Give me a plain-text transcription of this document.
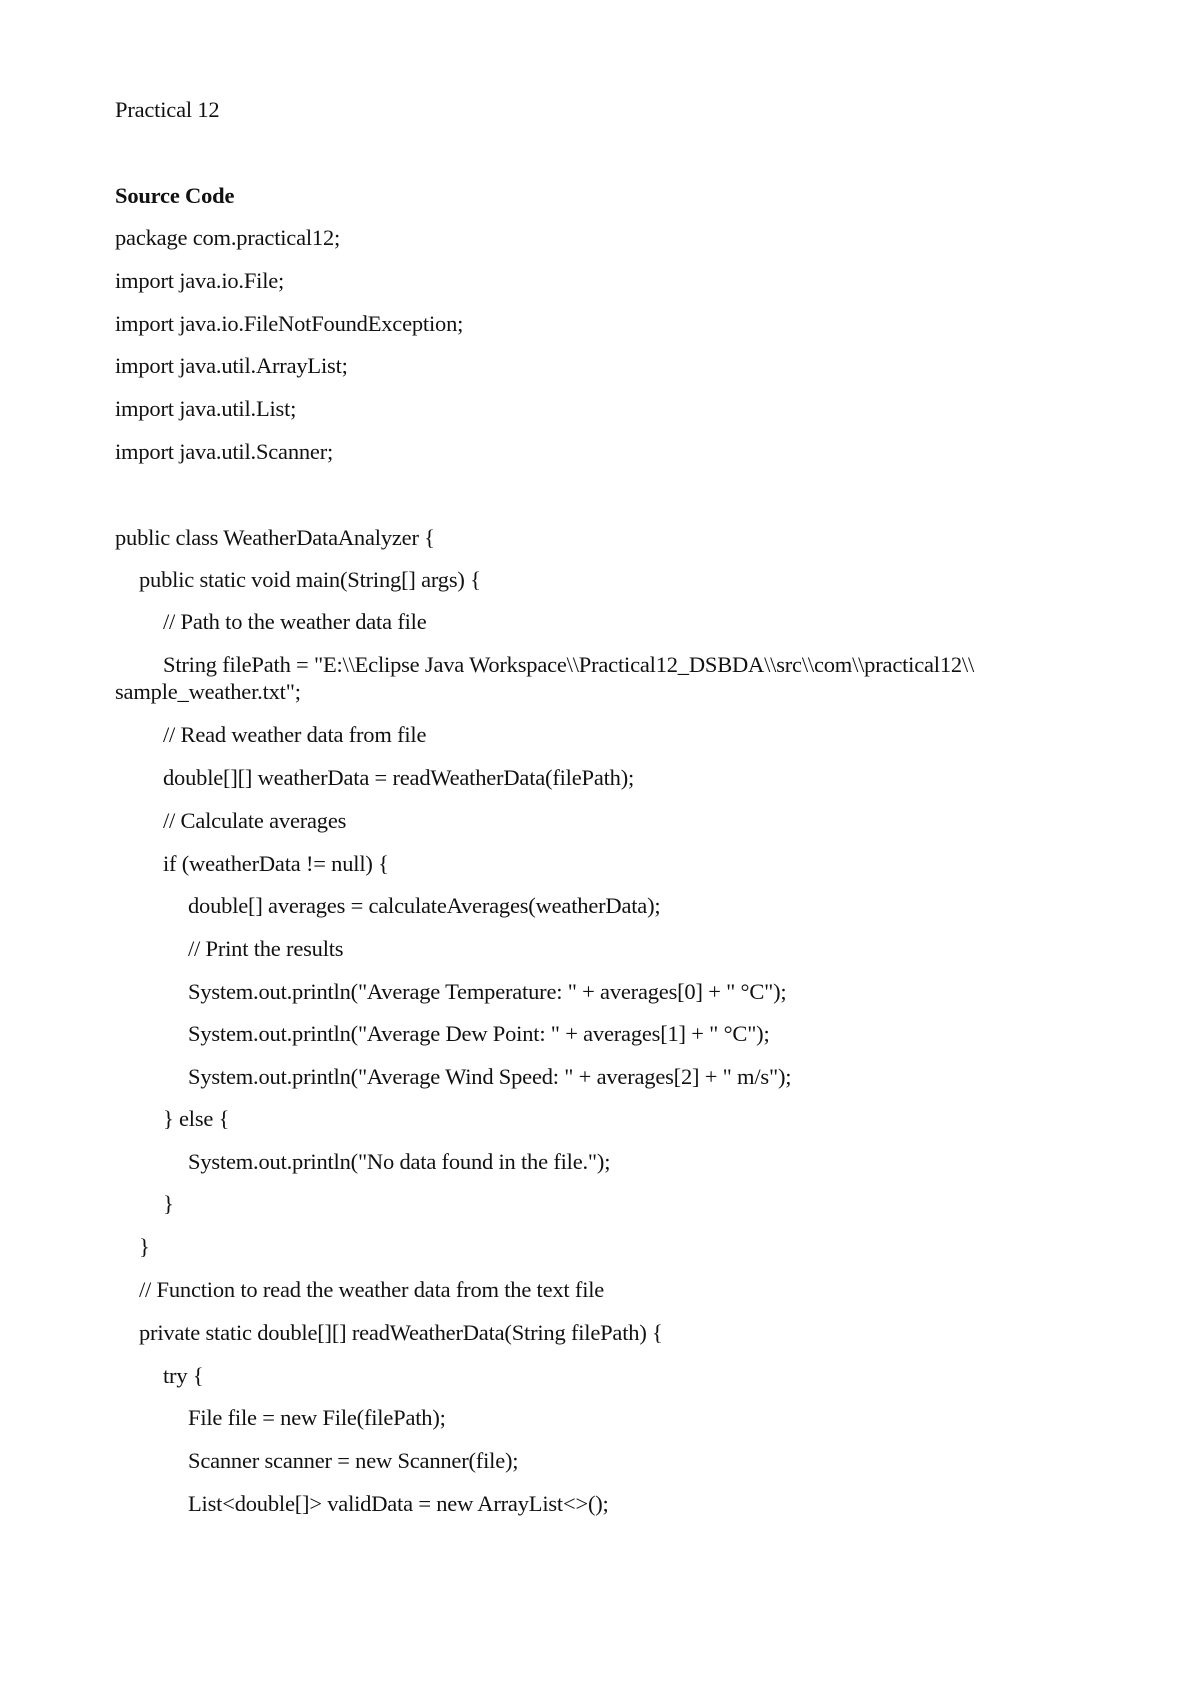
Practical 12
Source Code
package com.practical12;
import java.io.File;
import java.io.FileNotFoundException;
import java.util.ArrayList;
import java.util.List;
import java.util.Scanner;
public class WeatherDataAnalyzer {
public static void main(String[] args) {
// Path to the weather data file
String filePath = "E:\\Eclipse Java Workspace\\Practical12_DSBDA\\src\\com\\practical12\\
sample_weather.txt";
// Read weather data from file
double[][] weatherData = readWeatherData(filePath);
// Calculate averages
if (weatherData != null) {
double[] averages = calculateAverages(weatherData);
// Print the results
System.out.println("Average Temperature: " + averages[0] + " °C");
System.out.println("Average Dew Point: " + averages[1] + " °C");
System.out.println("Average Wind Speed: " + averages[2] + " m/s");
} else {
System.out.println("No data found in the file.");
}
}
// Function to read the weather data from the text file
private static double[][] readWeatherData(String filePath) {
try {
File file = new File(filePath);
Scanner scanner = new Scanner(file);
List<double[]> validData = new ArrayList<>();
